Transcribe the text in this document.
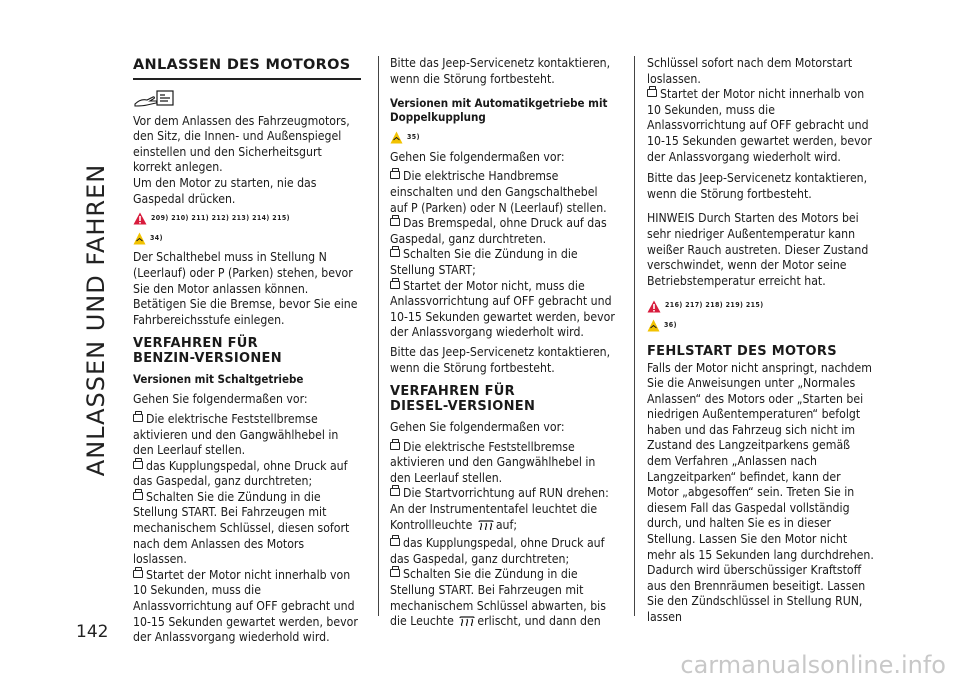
ANLASSEN UND FAHREN
142
ANLASSEN DES MOTOROS

Vor dem Anlassen des Fahrzeugmotors, den Sitz, die Innen- und Außenspiegel einstellen und den Sicherheitsgurt korrekt anlegen.

Um den Motor zu starten, nie das Gaspedal drücken.

209) 210) 211) 212) 213) 214) 215)
34)

Der Schalthebel muss in Stellung N (Leerlauf) oder P (Parken) stehen, bevor Sie den Motor anlassen können. Betätigen Sie die Bremse, bevor Sie eine Fahrbereichsstufe einlegen.

VERFAHREN FÜR
BENZIN-VERSIONEN
Versionen mit Schaltgetriebe

Gehen Sie folgendermaßen vor:

Die elektrische Feststellbremse aktivieren und den Gangwählhebel in den Leerlauf stellen.

das Kupplungspedal, ohne Druck auf das Gaspedal, ganz durchtreten;

Schalten Sie die Zündung in die Stellung START. Bei Fahrzeugen mit mechanischem Schlüssel, diesen sofort nach dem Anlassen des Motors loslassen.

Startet der Motor nicht innerhalb von 10 Sekunden, muss die Anlassvorrichtung auf OFF gebracht und 10-15 Sekunden gewartet werden, bevor der Anlassvorgang wiederhold wird.

Bitte das Jeep-Servicenetz kontaktieren, wenn die Störung fortbesteht.

Versionen mit Automatikgetriebe mit Doppelkupplung
35)

Gehen Sie folgendermaßen vor:

Die elektrische Handbremse einschalten und den Gangschalthebel auf P (Parken) oder N (Leerlauf) stellen.

Das Bremspedal, ohne Druck auf das Gaspedal, ganz durchtreten.

Schalten Sie die Zündung in die Stellung START;

Startet der Motor nicht, muss die Anlassvorrichtung auf OFF gebracht und 10-15 Sekunden gewartet werden, bevor der Anlassvorgang wiederholt wird.

Bitte das Jeep-Servicenetz kontaktieren, wenn die Störung fortbesteht.

VERFAHREN FÜR
DIESEL-VERSIONEN

Gehen Sie folgendermaßen vor:

Die elektrische Feststellbremse aktivieren und den Gangwählhebel in den Leerlauf stellen.

Die Startvorrichtung auf RUN drehen: An der Instrumententafel leuchtet die Kontrollleuchte auf;

das Kupplungspedal, ohne Druck auf das Gaspedal, ganz durchtreten;

Schalten Sie die Zündung in die Stellung START. Bei Fahrzeugen mit mechanischem Schlüssel abwarten, bis die Leuchte erlischt, und dann den

Schlüssel sofort nach dem Motorstart loslassen.

Startet der Motor nicht innerhalb von 10 Sekunden, muss die Anlassvorrichtung auf OFF gebracht und 10-15 Sekunden gewartet werden, bevor der Anlassvorgang wiederholt wird.

Bitte das Jeep-Servicenetz kontaktieren, wenn die Störung fortbesteht.

HINWEIS Durch Starten des Motors bei sehr niedriger Außentemperatur kann weißer Rauch austreten. Dieser Zustand verschwindet, wenn der Motor seine Betriebstemperatur erreicht hat.

216) 217) 218) 219) 215)
36)
FEHLSTART DES MOTORS

Falls der Motor nicht anspringt, nachdem Sie die Anweisungen unter „Normales Anlassen“ des Motors oder „Starten bei niedrigen Außentemperaturen“ befolgt haben und das Fahrzeug sich nicht im Zustand des Langzeitparkens gemäß dem Verfahren „Anlassen nach Langzeitparken“ befindet, kann der Motor „abgesoffen“ sein. Treten Sie in diesem Fall das Gaspedal vollständig durch, und halten Sie es in dieser Stellung. Lassen Sie den Motor nicht mehr als 15 Sekunden lang durchdrehen. Dadurch wird überschüssiger Kraftstoff aus den Brennräumen beseitigt. Lassen Sie den Zündschlüssel in Stellung RUN, lassen

carmanualsonline.info
